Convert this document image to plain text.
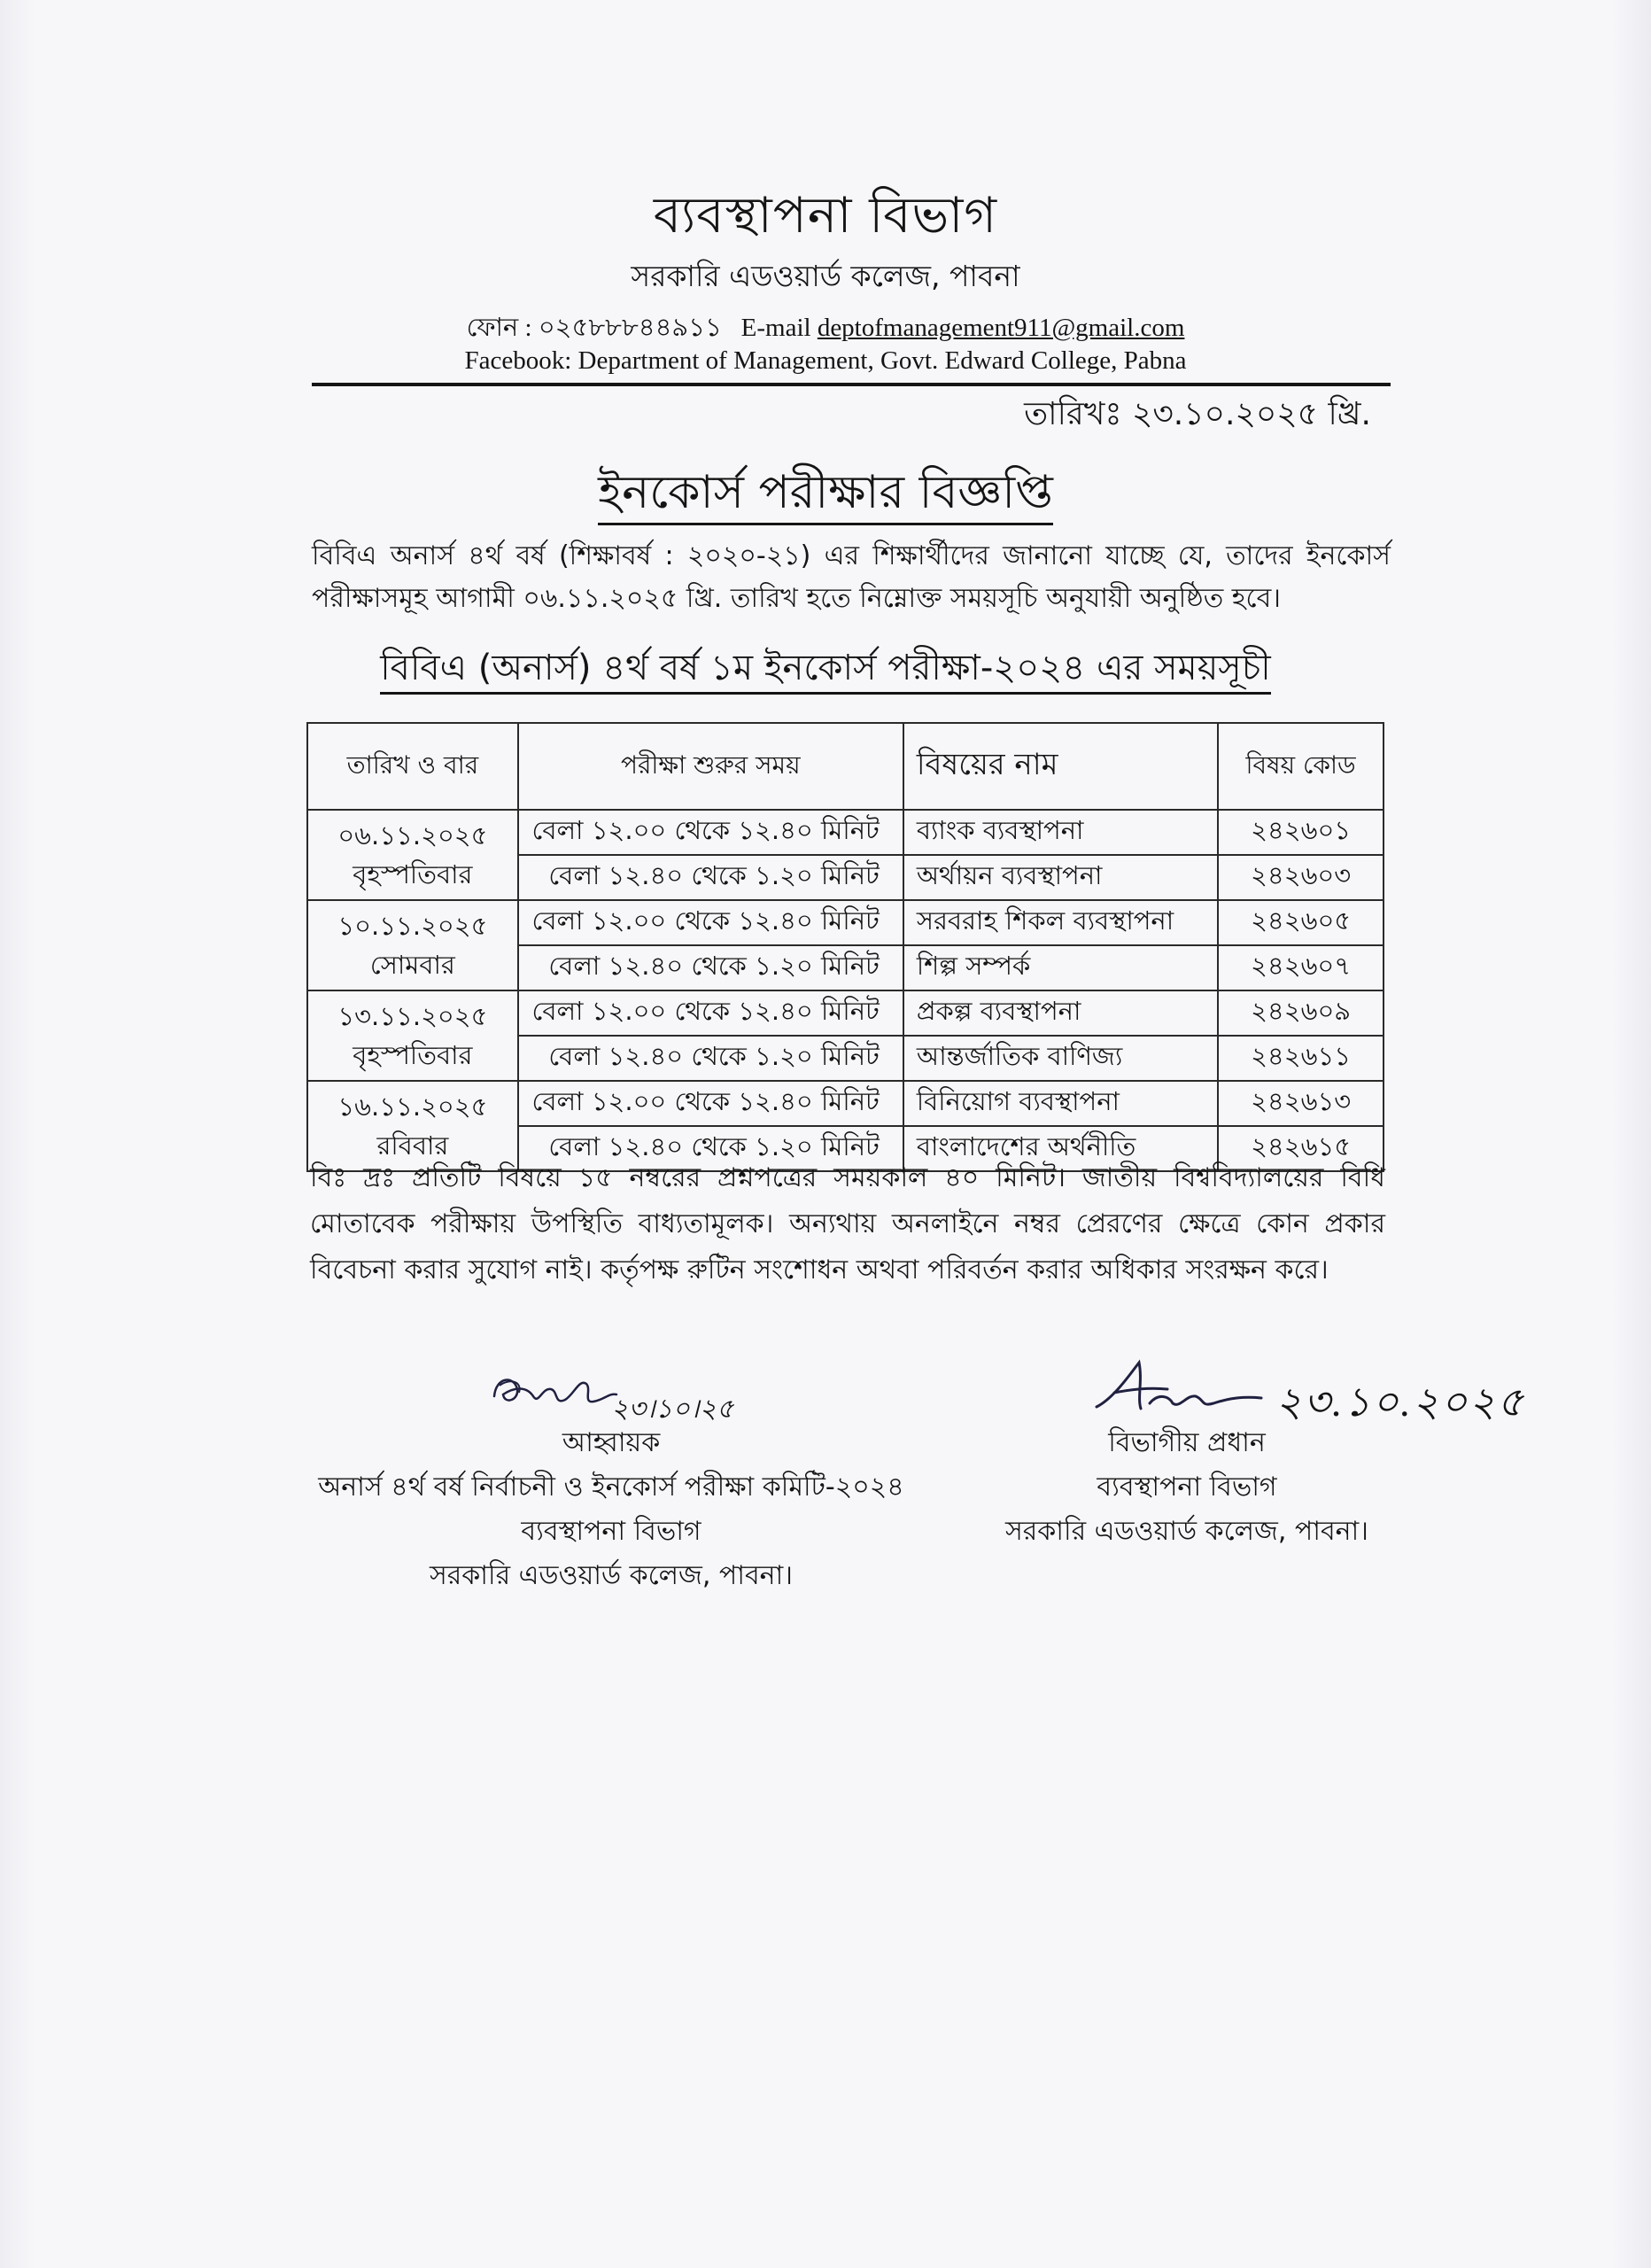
ব্যবস্থাপনা বিভাগ
সরকারি এডওয়ার্ড কলেজ, পাবনা
ফোন : ০২৫৮৮৮৪৪৯১১ E-mail deptofmanagement911@gmail.com
Facebook: Department of Management, Govt. Edward College, Pabna
তারিখঃ ২৩.১০.২০২৫ খ্রি.
ইনকোর্স পরীক্ষার বিজ্ঞপ্তি
বিবিএ অনার্স ৪র্থ বর্ষ (শিক্ষাবর্ষ : ২০২০-২১) এর শিক্ষার্থীদের জানানো যাচ্ছে যে, তাদের ইনকোর্স পরীক্ষাসমূহ আগামী ০৬.১১.২০২৫ খ্রি. তারিখ হতে নিম্নোক্ত সময়সূচি অনুযায়ী অনুষ্ঠিত হবে।
বিবিএ (অনার্স) ৪র্থ বর্ষ ১ম ইনকোর্স পরীক্ষা-২০২৪ এর সময়সূচী
তারিখ ও বার	পরীক্ষা শুরুর সময়	বিষয়ের নাম	বিষয় কোড

০৬.১১.২০২৫
বৃহস্পতিবার	বেলা ১২.০০ থেকে ১২.৪০ মিনিট	ব্যাংক ব্যবস্থাপনা	২৪২৬০১
	বেলা ১২.৪০ থেকে ১.২০ মিনিট	অর্থায়ন ব্যবস্থাপনা	২৪২৬০৩

১০.১১.২০২৫
সোমবার	বেলা ১২.০০ থেকে ১২.৪০ মিনিট	সরবরাহ শিকল ব্যবস্থাপনা	২৪২৬০৫
	বেলা ১২.৪০ থেকে ১.২০ মিনিট	শিল্প সম্পর্ক	২৪২৬০৭

১৩.১১.২০২৫
বৃহস্পতিবার	বেলা ১২.০০ থেকে ১২.৪০ মিনিট	প্রকল্প ব্যবস্থাপনা	২৪২৬০৯
	বেলা ১২.৪০ থেকে ১.২০ মিনিট	আন্তর্জাতিক বাণিজ্য	২৪২৬১১

১৬.১১.২০২৫
রবিবার	বেলা ১২.০০ থেকে ১২.৪০ মিনিট	বিনিয়োগ ব্যবস্থাপনা	২৪২৬১৩
	বেলা ১২.৪০ থেকে ১.২০ মিনিট	বাংলাদেশের অর্থনীতি	২৪২৬১৫
বিঃ দ্রঃ প্রতিটি বিষয়ে ১৫ নম্বরের প্রশ্নপত্রের সময়কাল ৪০ মিনিট। জাতীয় বিশ্ববিদ্যালয়ের বিধি মোতাবেক পরীক্ষায় উপস্থিতি বাধ্যতামূলক। অন্যথায় অনলাইনে নম্বর প্রেরণের ক্ষেত্রে কোন প্রকার বিবেচনা করার সুযোগ নাই। কর্তৃপক্ষ রুটিন সংশোধন অথবা পরিবর্তন করার অধিকার সংরক্ষন করে।
২৩।১০।২৫
আহ্বায়ক
অনার্স ৪র্থ বর্ষ নির্বাচনী ও ইনকোর্স পরীক্ষা কমিটি-২০২৪
ব্যবস্থাপনা বিভাগ
সরকারি এডওয়ার্ড কলেজ, পাবনা।
২৩.১০.২০২৫
বিভাগীয় প্রধান
ব্যবস্থাপনা বিভাগ
সরকারি এডওয়ার্ড কলেজ, পাবনা।
